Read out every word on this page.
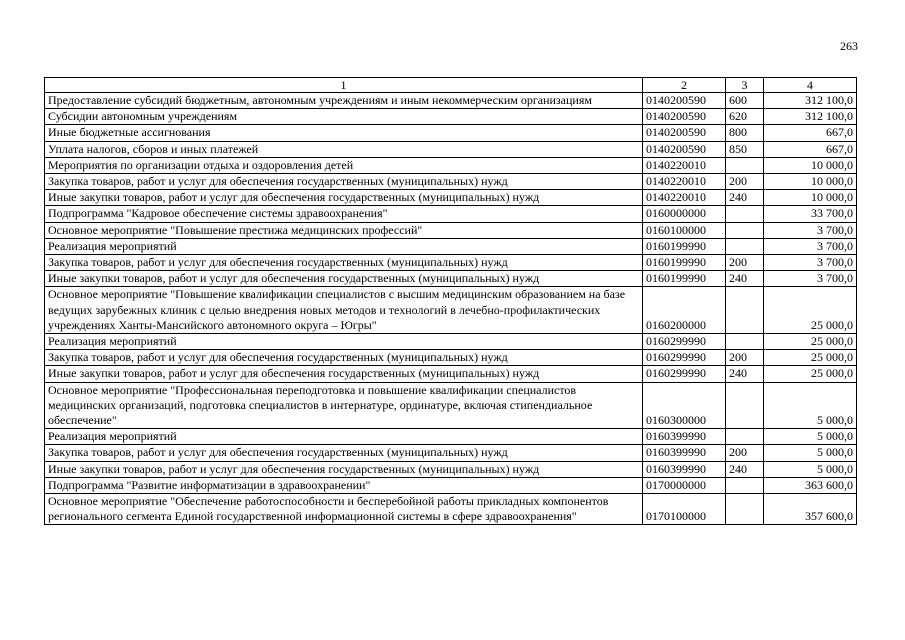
263
1	2	3	4
Предоставление субсидий бюджетным, автономным учреждениям и иным некоммерческим организациям	0140200590	600	312 100,0
Субсидии автономным учреждениям	0140200590	620	312 100,0
Иные бюджетные ассигнования	0140200590	800	667,0
Уплата налогов, сборов и иных платежей	0140200590	850	667,0
Мероприятия по организации отдыха и оздоровления детей	0140220010		10 000,0
Закупка товаров, работ и услуг для обеспечения государственных (муниципальных) нужд	0140220010	200	10 000,0
Иные закупки товаров, работ и услуг для обеспечения государственных (муниципальных) нужд	0140220010	240	10 000,0
Подпрограмма "Кадровое обеспечение системы здравоохранения"	0160000000		33 700,0
Основное мероприятие "Повышение престижа медицинских профессий"	0160100000		3 700,0
Реализация мероприятий	0160199990		3 700,0
Закупка товаров, работ и услуг для обеспечения государственных (муниципальных) нужд	0160199990	200	3 700,0
Иные закупки товаров, работ и услуг для обеспечения государственных (муниципальных) нужд	0160199990	240	3 700,0
Основное мероприятие "Повышение квалификации специалистов с высшим медицинским образованием на базе ведущих зарубежных клиник с целью внедрения новых методов и технологий в лечебно-профилактических учреждениях Ханты-Мансийского автономного округа – Югры"	0160200000		25 000,0
Реализация мероприятий	0160299990		25 000,0
Закупка товаров, работ и услуг для обеспечения государственных (муниципальных) нужд	0160299990	200	25 000,0
Иные закупки товаров, работ и услуг для обеспечения государственных (муниципальных) нужд	0160299990	240	25 000,0
Основное мероприятие "Профессиональная переподготовка и повышение квалификации специалистов медицинских организаций, подготовка специалистов в интернатуре, ординатуре, включая стипендиальное обеспечение"	0160300000		5 000,0
Реализация мероприятий	0160399990		5 000,0
Закупка товаров, работ и услуг для обеспечения государственных (муниципальных) нужд	0160399990	200	5 000,0
Иные закупки товаров, работ и услуг для обеспечения государственных (муниципальных) нужд	0160399990	240	5 000,0
Подпрограмма "Развитие информатизации в здравоохранении"	0170000000		363 600,0
Основное мероприятие "Обеспечение работоспособности и бесперебойной работы прикладных компонентов регионального сегмента Единой государственной информационной системы в сфере здравоохранения"	0170100000		357 600,0
